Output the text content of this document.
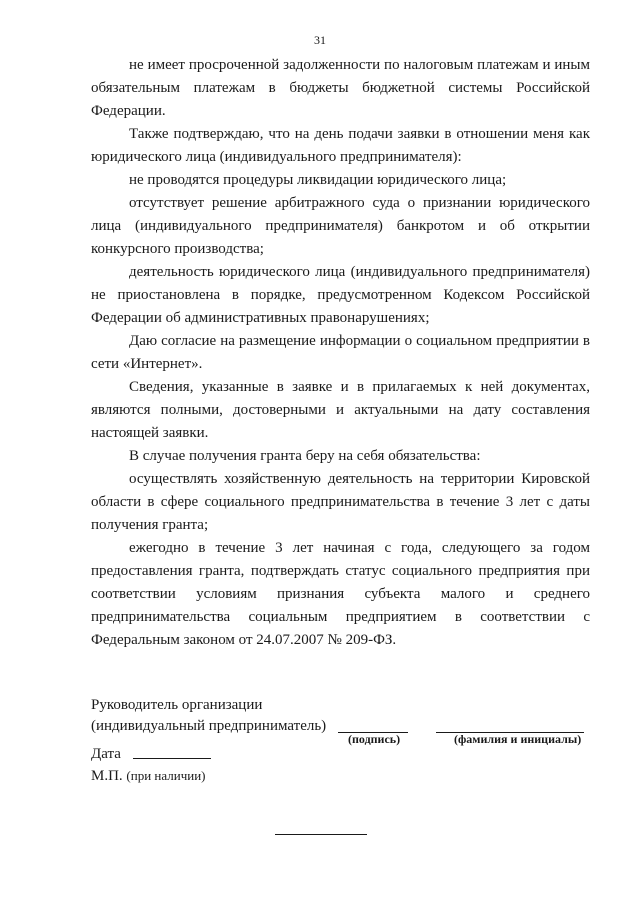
31

не имеет просроченной задолженности по налоговым платежам и иным обязательным платежам в бюджеты бюджетной системы Российской Федерации.

Также подтверждаю, что на день подачи заявки в отношении меня как юридического лица (индивидуального предпринимателя):

не проводятся процедуры ликвидации юридического лица;

отсутствует решение арбитражного суда о признании юридического лица (индивидуального предпринимателя) банкротом и об открытии конкурсного производства;

деятельность юридического лица (индивидуального предпринимателя) не приостановлена в порядке, предусмотренном Кодексом Российской Федерации об административных правонарушениях;

Даю согласие на размещение информации о социальном предприятии в сети «Интернет».

Сведения, указанные в заявке и в прилагаемых к ней документах, являются полными, достоверными и актуальными на дату составления настоящей заявки.

В случае получения гранта беру на себя обязательства:

осуществлять хозяйственную деятельность на территории Кировской области в сфере социального предпринимательства в течение 3 лет с даты получения гранта;

ежегодно в течение 3 лет начиная с года, следующего за годом предоставления гранта, подтверждать статус социального предприятия при соответствии условиям признания субъекта малого и среднего предпринимательства социальным предприятием в соответствии с Федеральным законом от 24.07.2007 № 209-ФЗ.

Руководитель организации
(индивидуальный предприниматель)
(подпись)	(фамилия и инициалы)
Дата
М.П. (при наличии)
